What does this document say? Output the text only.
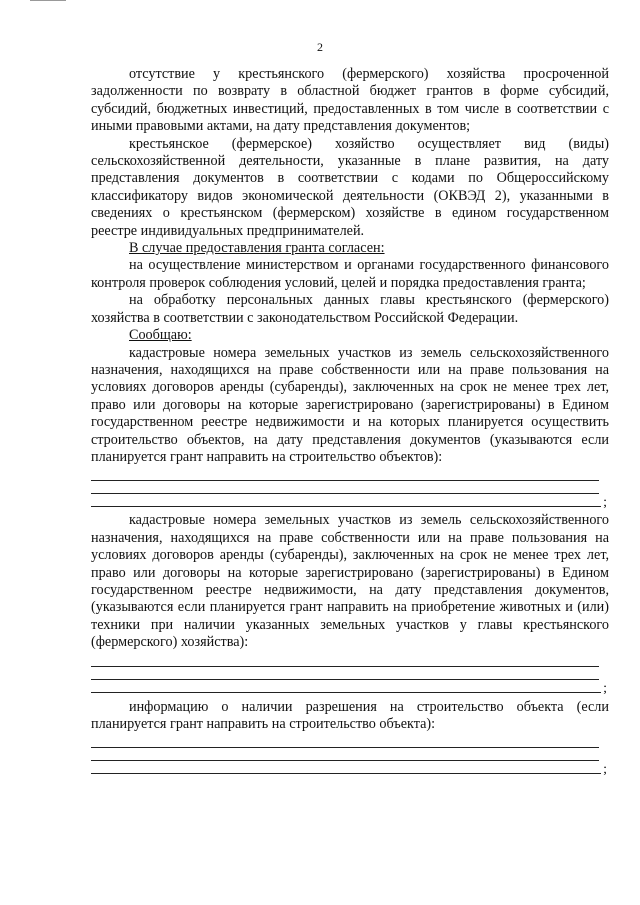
2

отсутствие у крестьянского (фермерского) хозяйства просроченной задолженности по возврату в областной бюджет грантов в форме субсидий, субсидий, бюджетных инвестиций, предоставленных в том числе в соответствии с иными правовыми актами, на дату представления документов;

крестьянское (фермерское) хозяйство осуществляет вид (виды) сельскохозяйственной деятельности, указанные в плане развития, на дату представления документов в соответствии с кодами по Общероссийскому классификатору видов экономической деятельности (ОКВЭД 2), указанными в сведениях о крестьянском (фермерском) хозяйстве в едином государственном реестре индивидуальных предпринимателей.

В случае предоставления гранта согласен:

на осуществление министерством и органами государственного финансового контроля проверок соблюдения условий, целей и порядка предоставления гранта;

на обработку персональных данных главы крестьянского (фермерского) хозяйства в соответствии с законодательством Российской Федерации.

Сообщаю:

кадастровые номера земельных участков из земель сельскохозяйственного назначения, находящихся на праве собственности или на праве пользования на условиях договоров аренды (субаренды), заключенных на срок не менее трех лет, право или договоры на которые зарегистрировано (зарегистрированы) в Едином государственном реестре недвижимости и на которых планируется осуществить строительство объектов, на дату представления документов (указываются если планируется грант направить на строительство объектов):

;

кадастровые номера земельных участков из земель сельскохозяйственного назначения, находящихся на праве собственности или на праве пользования на условиях договоров аренды (субаренды), заключенных на срок не менее трех лет, право или договоры на которые зарегистрировано (зарегистрированы) в Едином государственном реестре недвижимости, на дату представления документов, (указываются если планируется грант направить на приобретение животных и (или) техники при наличии указанных земельных участков у главы крестьянского (фермерского) хозяйства):

;

информацию о наличии разрешения на строительство объекта (если планируется грант направить на строительство объекта):

;
